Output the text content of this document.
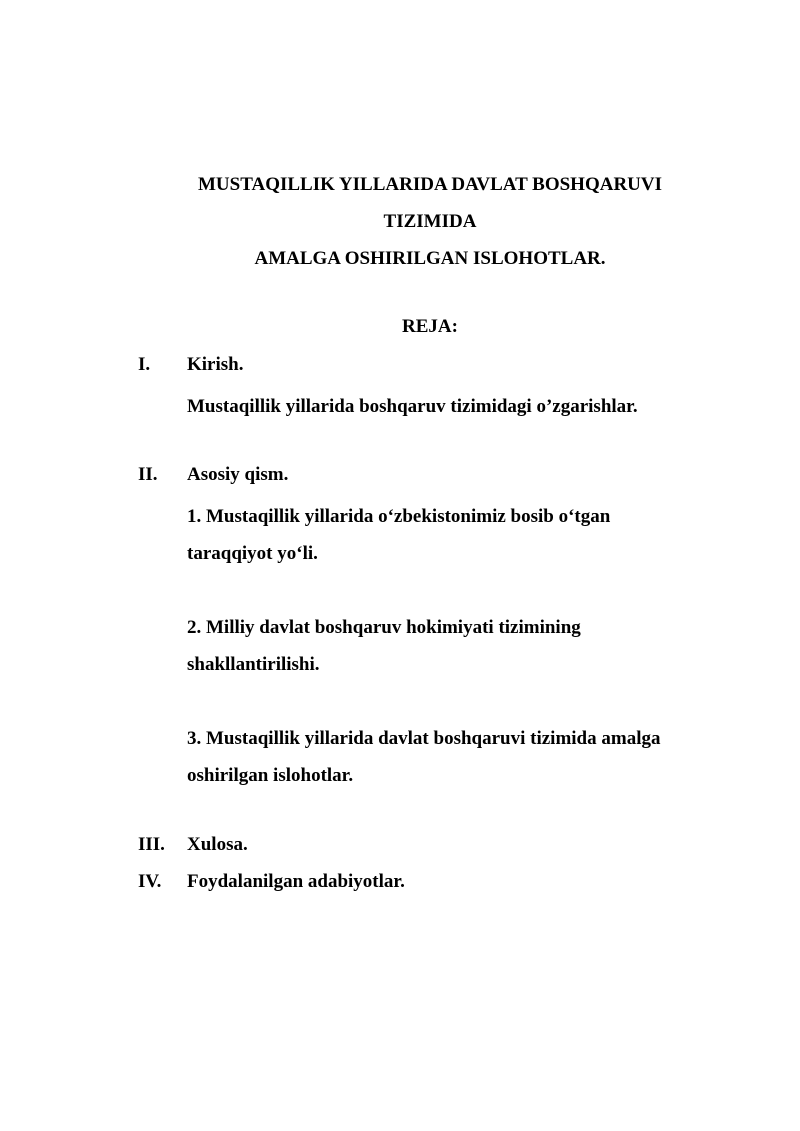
MUSTAQILLIK YILLARIDA DAVLAT BOSHQARUVI
TIZIMIDA
AMALGA OSHIRILGAN ISLOHOTLAR.
REJA:
I. Kirish.
Mustaqillik yillarida boshqaruv tizimidagi o’zgarishlar.
II. Asosiy qism.
1. Mustaqillik yillarida o‘zbekistonimiz bosib o‘tgan
taraqqiyot yo‘li.
2. Milliy davlat boshqaruv hokimiyati tizimining
shakllantirilishi.
3. Mustaqillik yillarida davlat boshqaruvi tizimida amalga
oshirilgan islohotlar.
III. Xulosa.
IV. Foydalanilgan adabiyotlar.
